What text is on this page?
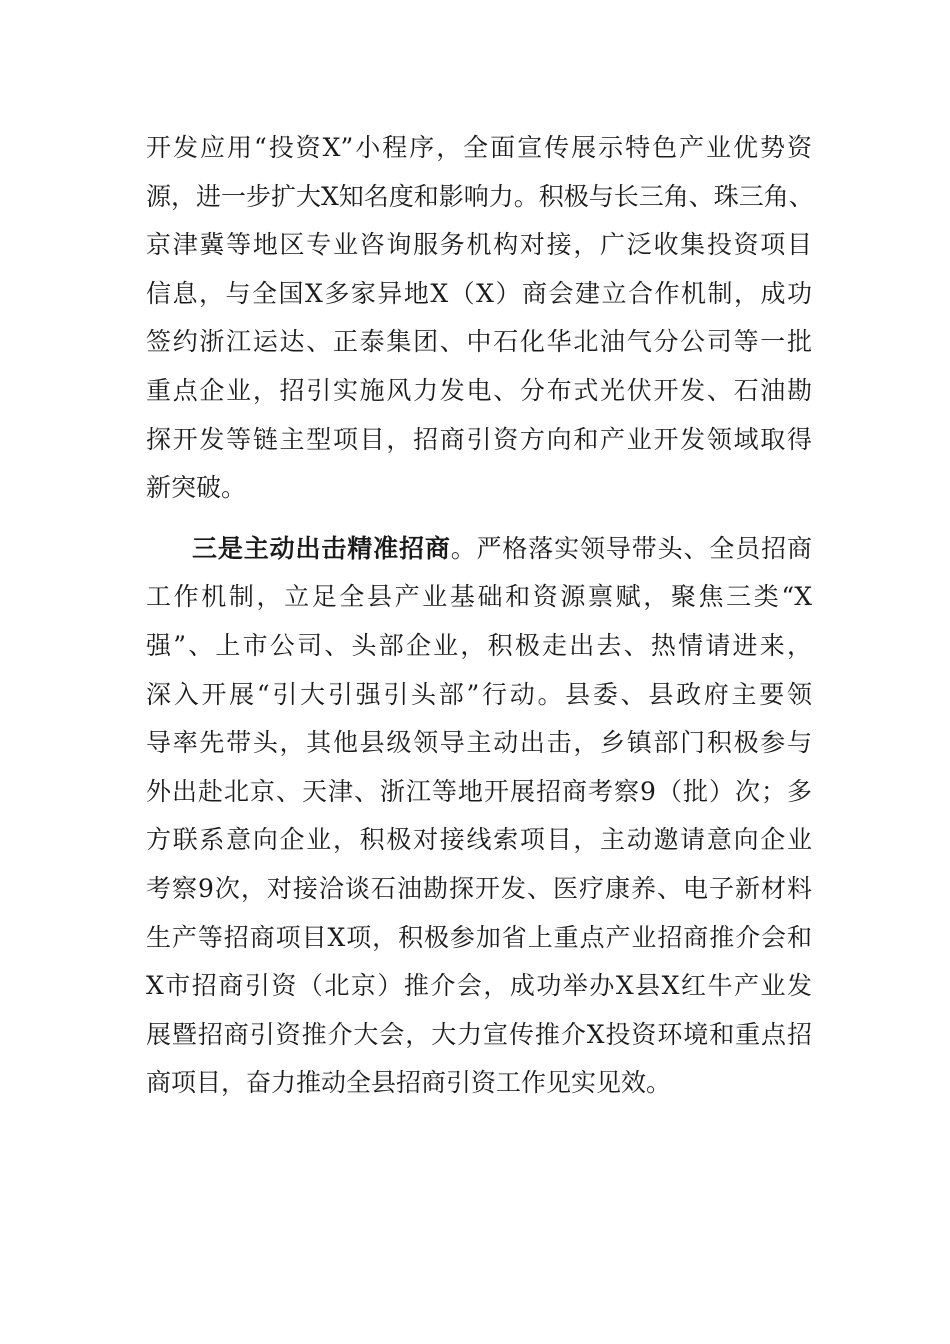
开发应用“投资X”小程序，全面宣传展示特色产业优势资
源，进一步扩大X知名度和影响力。积极与长三角、珠三角、
京津冀等地区专业咨询服务机构对接，广泛收集投资项目
信息，与全国X多家异地X（X）商会建立合作机制，成功
签约浙江运达、正泰集团、中石化华北油气分公司等一批
重点企业，招引实施风力发电、分布式光伏开发、石油勘
探开发等链主型项目，招商引资方向和产业开发领域取得
新突破。
三是主动出击精准招商。严格落实领导带头、全员招商
工作机制，立足全县产业基础和资源禀赋，聚焦三类“X
强”、上市公司、头部企业，积极走出去、热情请进来，
深入开展“引大引强引头部”行动。县委、县政府主要领
导率先带头，其他县级领导主动出击，乡镇部门积极参与
外出赴北京、天津、浙江等地开展招商考察9（批）次；多
方联系意向企业，积极对接线索项目，主动邀请意向企业
考察9次，对接洽谈石油勘探开发、医疗康养、电子新材料
生产等招商项目X项，积极参加省上重点产业招商推介会和
X市招商引资（北京）推介会，成功举办X县X红牛产业发
展暨招商引资推介大会，大力宣传推介X投资环境和重点招
商项目，奋力推动全县招商引资工作见实见效。
